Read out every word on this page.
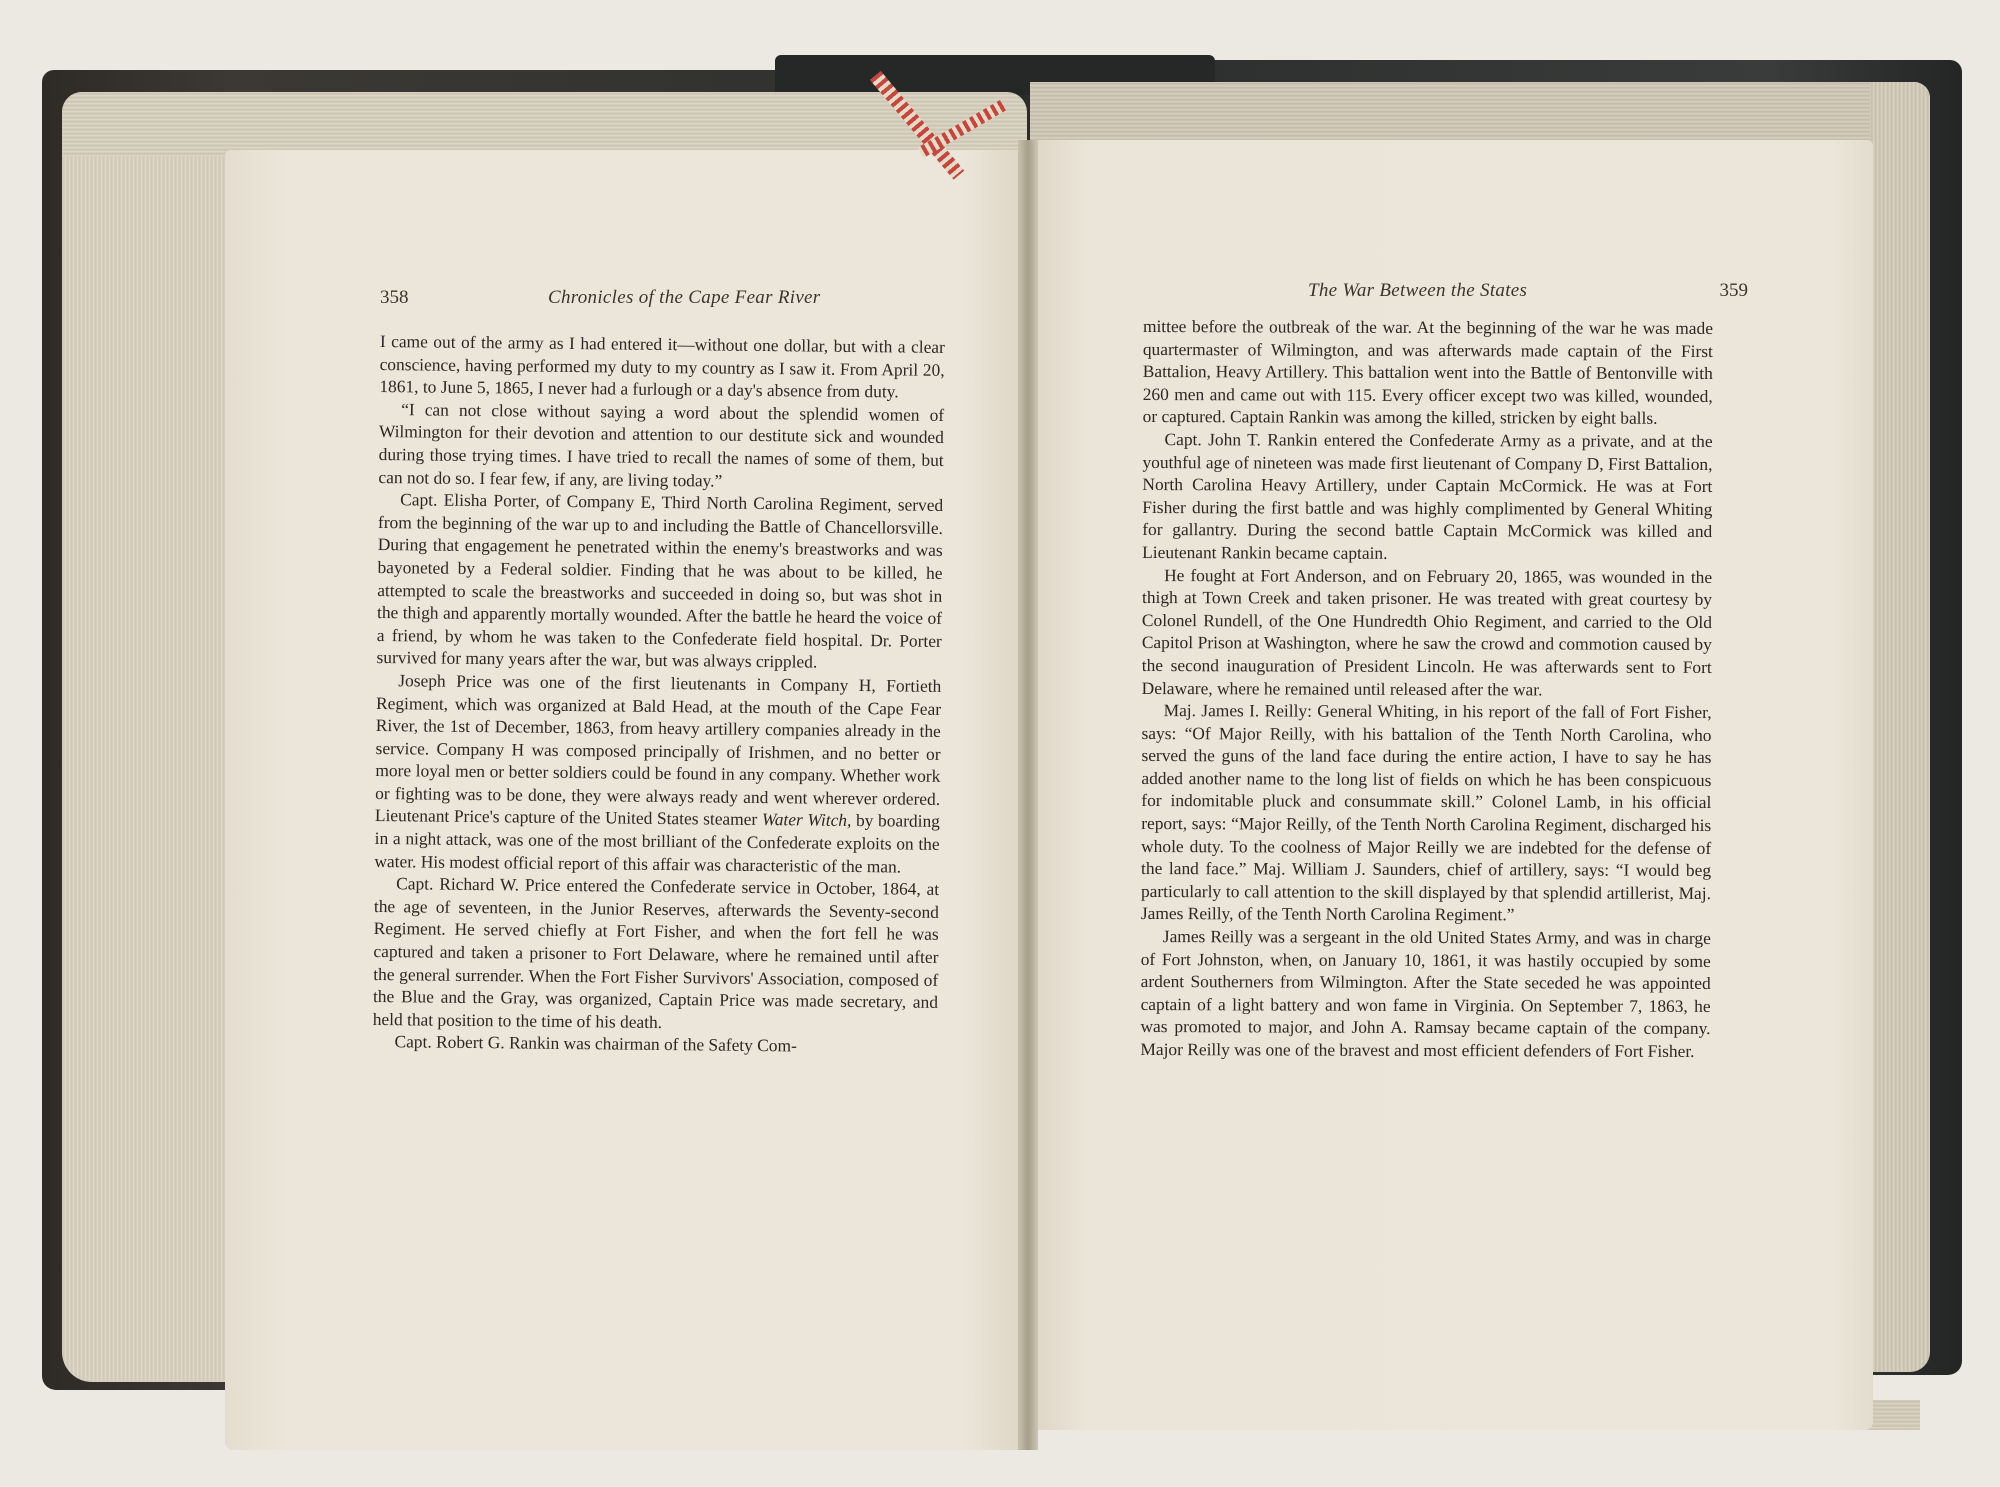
358	Chronicles of the Cape Fear River

I came out of the army as I had entered it—without one dollar, but with a clear conscience, having performed my duty to my country as I saw it. From April 20, 1861, to June 5, 1865, I never had a furlough or a day's absence from duty.

“I can not close without saying a word about the splendid women of Wilmington for their devotion and attention to our destitute sick and wounded during those trying times. I have tried to recall the names of some of them, but can not do so. I fear few, if any, are living today.”

Capt. Elisha Porter, of Company E, Third North Carolina Regiment, served from the beginning of the war up to and including the Battle of Chancellorsville. During that engagement he penetrated within the enemy's breastworks and was bayoneted by a Federal soldier. Finding that he was about to be killed, he attempted to scale the breastworks and succeeded in doing so, but was shot in the thigh and apparently mortally wounded. After the battle he heard the voice of a friend, by whom he was taken to the Confederate field hospital. Dr. Porter survived for many years after the war, but was always crippled.

Joseph Price was one of the first lieutenants in Company H, Fortieth Regiment, which was organized at Bald Head, at the mouth of the Cape Fear River, the 1st of December, 1863, from heavy artillery companies already in the service. Company H was composed principally of Irishmen, and no better or more loyal men or better soldiers could be found in any company. Whether work or fighting was to be done, they were always ready and went wherever ordered. Lieutenant Price's capture of the United States steamer Water Witch, by boarding in a night attack, was one of the most brilliant of the Confederate exploits on the water. His modest official report of this affair was characteristic of the man.

Capt. Richard W. Price entered the Confederate service in October, 1864, at the age of seventeen, in the Junior Reserves, afterwards the Seventy-second Regiment. He served chiefly at Fort Fisher, and when the fort fell he was captured and taken a prisoner to Fort Delaware, where he remained until after the general surrender. When the Fort Fisher Survivors' Association, composed of the Blue and the Gray, was organized, Captain Price was made secretary, and held that position to the time of his death.

Capt. Robert G. Rankin was chairman of the Safety Com-

The War Between the States	359

mittee before the outbreak of the war. At the beginning of the war he was made quartermaster of Wilmington, and was afterwards made captain of the First Battalion, Heavy Artillery. This battalion went into the Battle of Bentonville with 260 men and came out with 115. Every officer except two was killed, wounded, or captured. Captain Rankin was among the killed, stricken by eight balls.

Capt. John T. Rankin entered the Confederate Army as a private, and at the youthful age of nineteen was made first lieutenant of Company D, First Battalion, North Carolina Heavy Artillery, under Captain McCormick. He was at Fort Fisher during the first battle and was highly complimented by General Whiting for gallantry. During the second battle Captain McCormick was killed and Lieutenant Rankin became captain.

He fought at Fort Anderson, and on February 20, 1865, was wounded in the thigh at Town Creek and taken prisoner. He was treated with great courtesy by Colonel Rundell, of the One Hundredth Ohio Regiment, and carried to the Old Capitol Prison at Washington, where he saw the crowd and commotion caused by the second inauguration of President Lincoln. He was afterwards sent to Fort Delaware, where he remained until released after the war.

Maj. James I. Reilly: General Whiting, in his report of the fall of Fort Fisher, says: “Of Major Reilly, with his battalion of the Tenth North Carolina, who served the guns of the land face during the entire action, I have to say he has added another name to the long list of fields on which he has been conspicuous for indomitable pluck and consummate skill.” Colonel Lamb, in his official report, says: “Major Reilly, of the Tenth North Carolina Regiment, discharged his whole duty. To the coolness of Major Reilly we are indebted for the defense of the land face.” Maj. William J. Saunders, chief of artillery, says: “I would beg particularly to call attention to the skill displayed by that splendid artillerist, Maj. James Reilly, of the Tenth North Carolina Regiment.”

James Reilly was a sergeant in the old United States Army, and was in charge of Fort Johnston, when, on January 10, 1861, it was hastily occupied by some ardent Southerners from Wilmington. After the State seceded he was appointed captain of a light battery and won fame in Virginia. On September 7, 1863, he was promoted to major, and John A. Ramsay became captain of the company. Major Reilly was one of the bravest and most efficient defenders of Fort Fisher.
